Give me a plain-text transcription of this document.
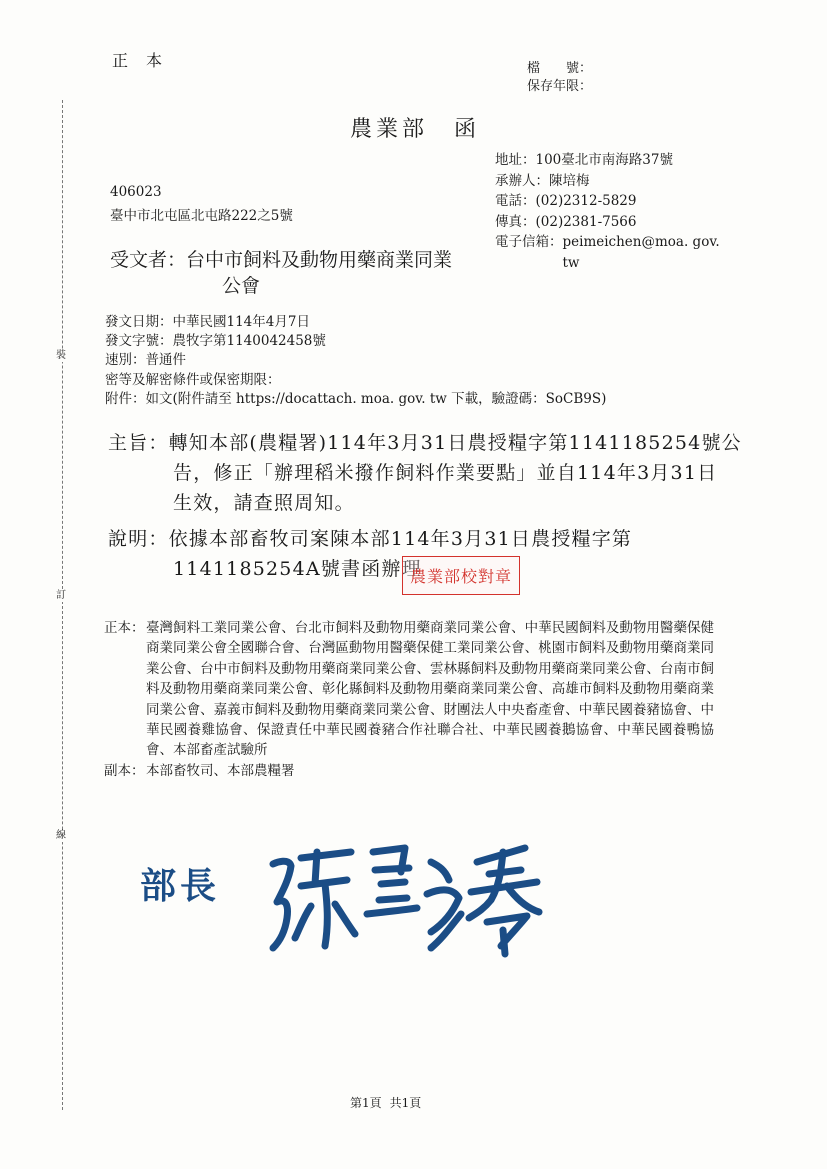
裝
訂
線
正本	檔　　號：
保存年限：
農業部 函
地址：100臺北市南海路37號
承辦人：陳培梅
電話：(02)2312-5829
傳真：(02)2381-7566
電子信箱： peimeichen@moa. gov. tw
406023
臺中市北屯區北屯路222之5號
受文者：台中市飼料及動物用藥商業同業
公會
發文日期：中華民國114年4月7日
發文字號：農牧字第1140042458號
速別：普通件
密等及解密條件或保密期限：
附件：如文(附件請至 https://docattach. moa. gov. tw 下載，驗證碼：SoCB9S)
主旨：轉知本部(農糧署)114年3月31日農授糧字第1141185254號公
告，修正「辦理稻米撥作飼料作業要點」並自114年3月31日
生效，請查照周知。
說明：依據本部畜牧司案陳本部114年3月31日農授糧字第
1141185254A號書函辦理
農業部校對章
正本： 臺灣飼料工業同業公會、台北市飼料及動物用藥商業同業公會、中華民國飼料及動物用醫藥保健商業同業公會全國聯合會、台灣區動物用醫藥保健工業同業公會、桃園市飼料及動物用藥商業同業公會、台中市飼料及動物用藥商業同業公會、雲林縣飼料及動物用藥商業同業公會、台南市飼料及動物用藥商業同業公會、彰化縣飼料及動物用藥商業同業公會、高雄市飼料及動物用藥商業同業公會、嘉義市飼料及動物用藥商業同業公會、財團法人中央畜產會、中華民國養豬協會、中華民國養雞協會、保證責任中華民國養豬合作社聯合社、中華民國養鵝協會、中華民國養鴨協會、本部畜產試驗所
副本： 本部畜牧司、本部農糧署
部長
第1頁 共1頁
